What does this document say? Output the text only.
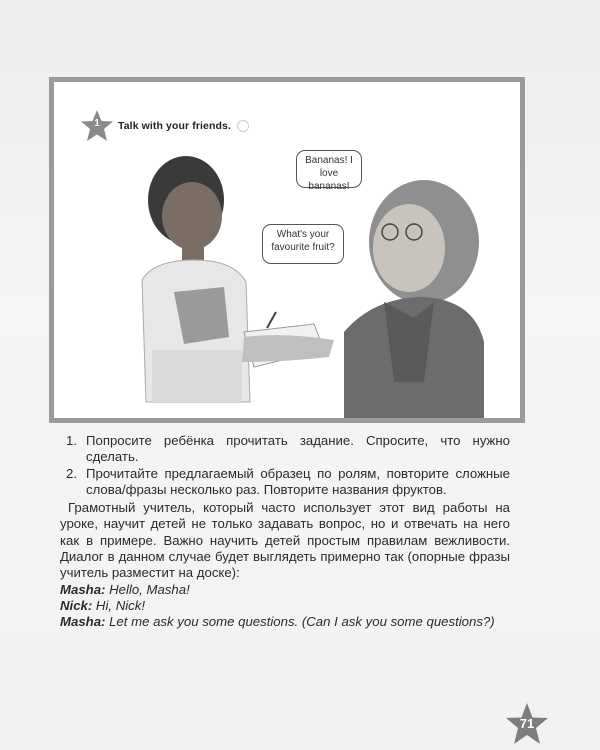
1	Talk with your friends.
Bananas! I love
bananas!
What's your
favourite fruit?
1. Попросите ребёнка прочитать задание. Спросите, что нужно сделать.
2. Прочитайте предлагаемый образец по ролям, повторите сложные слова/фразы несколько раз. Повторите названия фруктов.

Грамотный учитель, который часто использует этот вид работы на уроке, научит детей не только задавать вопрос, но и отвечать на него как в примере. Важно научить детей простым правилам вежливости. Диалог в данном случае будет выглядеть примерно так (опорные фразы учитель разместит на доске):

Masha: Hello, Masha!

Nick: Hi, Nick!

Masha: Let me ask you some questions. (Can I ask you some questions?)

71
